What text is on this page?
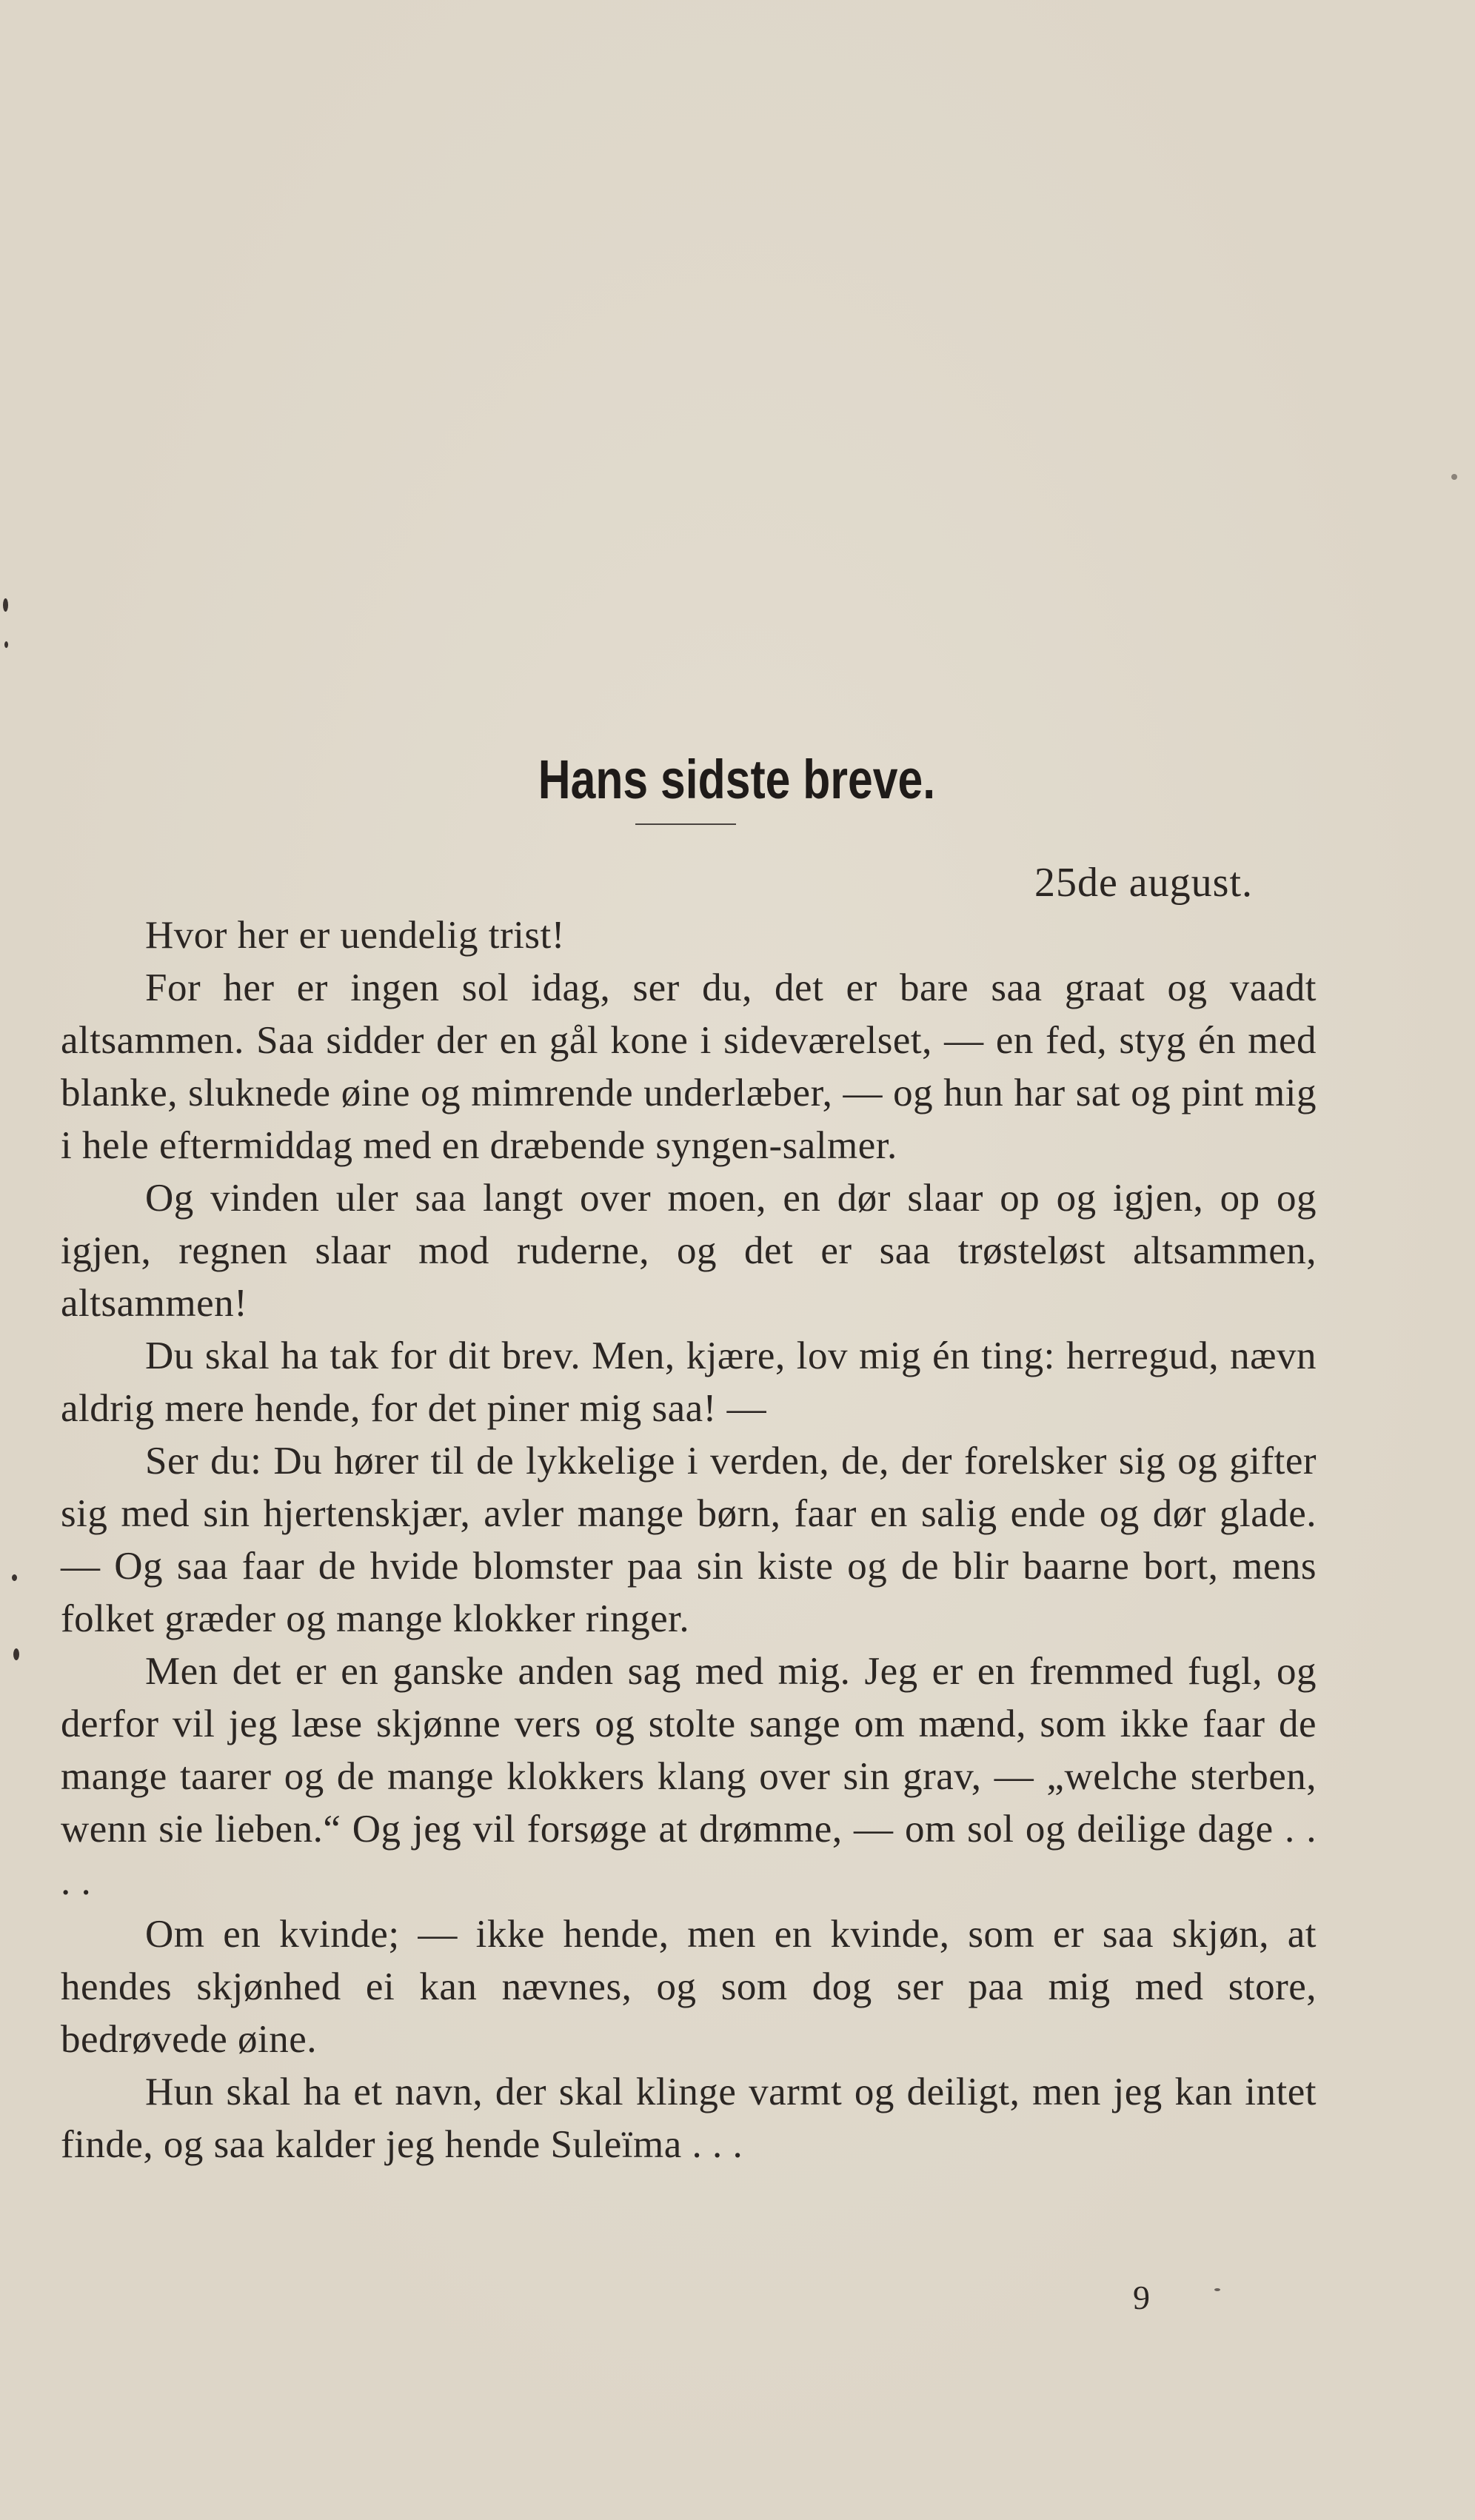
Hans sidste breve.
25de august.

Hvor her er uendelig trist!

For her er ingen sol idag, ser du, det er bare saa graat og vaadt altsammen. Saa sidder der en gål kone i sideværelset, — en fed, styg én med blanke, sluknede øine og mimrende underlæber, — og hun har sat og pint mig i hele eftermiddag med en dræbende syngen-salmer.

Og vinden uler saa langt over moen, en dør slaar op og igjen, op og igjen, regnen slaar mod ruderne, og det er saa trøsteløst altsammen, altsammen!

Du skal ha tak for dit brev. Men, kjære, lov mig én ting: herregud, nævn aldrig mere hende, for det piner mig saa! —

Ser du: Du hører til de lykkelige i verden, de, der forelsker sig og gifter sig med sin hjertenskjær, avler mange børn, faar en salig ende og dør glade. — Og saa faar de hvide blomster paa sin kiste og de blir baarne bort, mens folket græder og mange klokker ringer.

Men det er en ganske anden sag med mig. Jeg er en fremmed fugl, og derfor vil jeg læse skjønne vers og stolte sange om mænd, som ikke faar de mange taarer og de mange klokkers klang over sin grav, — „welche sterben, wenn sie lieben.“ Og jeg vil forsøge at drømme, — om sol og deilige dage . . . .

Om en kvinde; — ikke hende, men en kvinde, som er saa skjøn, at hendes skjønhed ei kan nævnes, og som dog ser paa mig med store, bedrøvede øine.

Hun skal ha et navn, der skal klinge varmt og deiligt, men jeg kan intet finde, og saa kalder jeg hende Suleïma . . .

9
